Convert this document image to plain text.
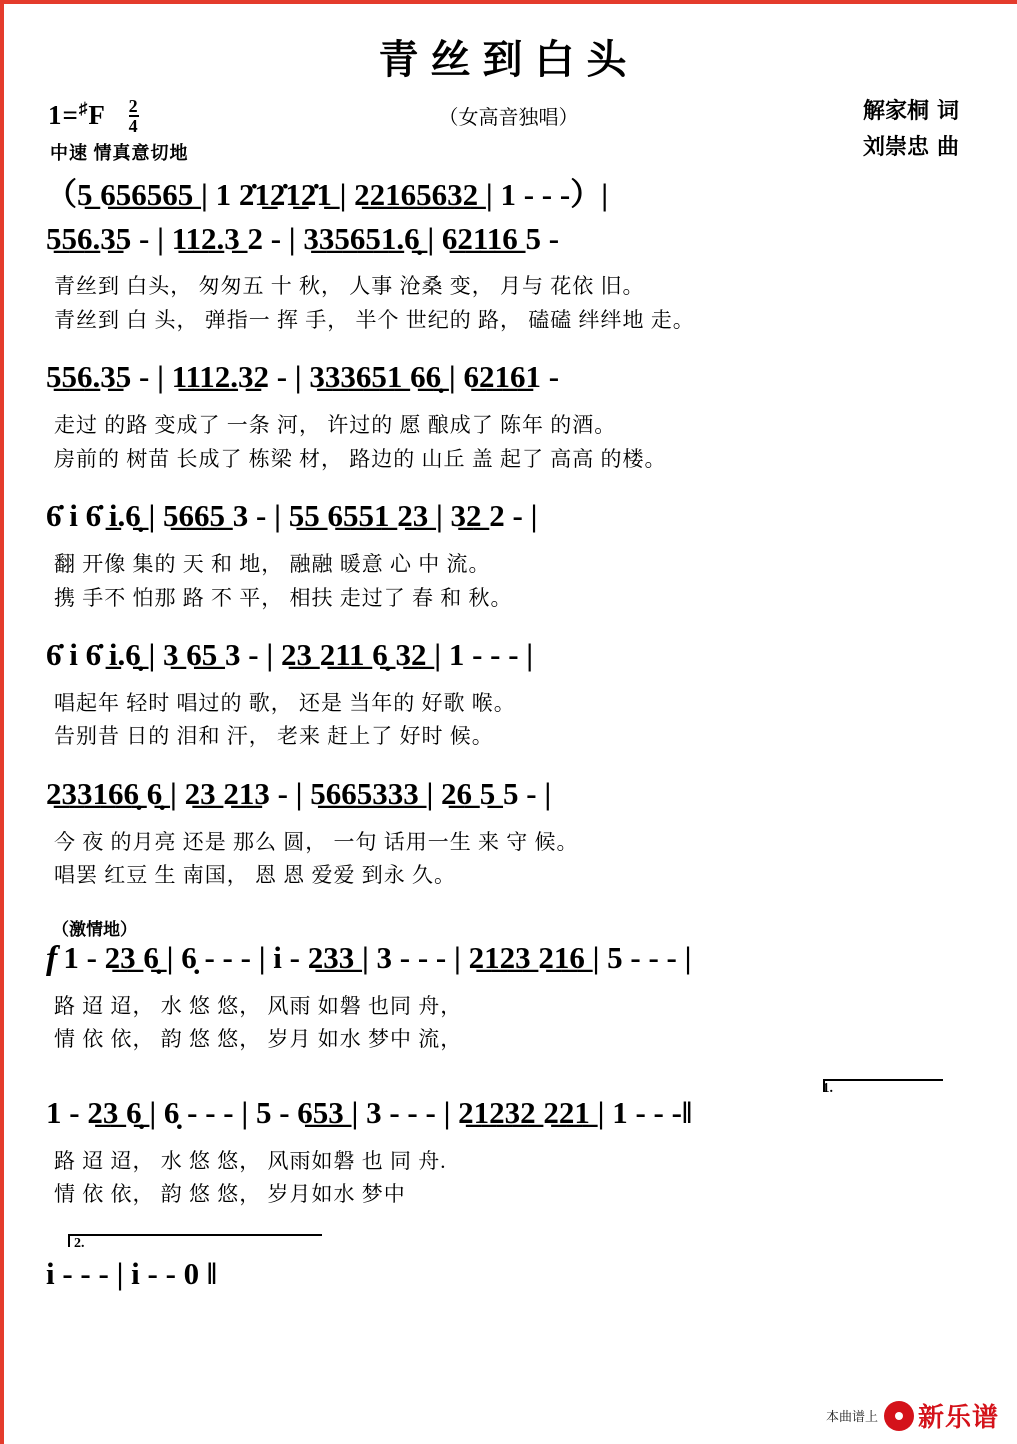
青丝到白头
$1=^♯F \frac{2}{4}$
中速 情真意切地
（女高音独唱）	解家桐 词
刘崇忠 曲
（5̲ 6̲5̲6̲5̲6̲5̲ | 1 2̇1̲2̇1̲2̇1̲ | 2̲2̲1̲6̲5̲6̲3̲2̲ | 1 - - -）|
5̲5̲6̲.3̲5 - | 1̲1̲2̲.3̲ 2 - | 3̲3̲5̲6̲5̲1̲.6̣̲ | 6̲2̲1̲1̲6̲ 5 -
青丝到 白头， 匆匆五 十 秋， 人事 沧桑 变， 月与 花依 旧。
青丝到 白 头， 弹指一 挥 手， 半个 世纪的 路， 磕磕 绊绊地 走。
5̲5̲6̲.3̲5 - | 1̲1̲1̲2̲.3̲2 - | 3̲3̲3̲6̲5̲1̲ 6̲6̣̲ | 6̲2̲1̲6̲1 -
走过 的路 变成了 一条 河， 许过的 愿 酿成了 陈年 的酒。
房前的 树苗 长成了 栋梁 材， 路边的 山丘 盖 起了 高高 的楼。
6̇ i 6̇ i̲.6̣̲ | 5̲6̲6̲5̲ 3 - | 5̲5̲ 6̲5̲5̲1̲ 2̲3̲ | 3̲2̲ 2 - |
翻 开像 集的 天 和 地， 融融 暖意 心 中 流。
携 手不 怕那 路 不 平， 相扶 走过了 春 和 秋。
6̇ i 6̇ i̲.6̣̲ | 3̲ 6̲5̲ 3 - | 2̲3̲ 2̲1̲1̲ 6̣̲ 3̲2̲ | 1 - - - |
唱起年 轻时 唱过的 歌， 还是 当年的 好歌 喉。
告别昔 日的 泪和 汗， 老来 赶上了 好时 候。
2̲3̲3̲1̲6̲6̣̲ 6̣̲ | 2̲3̲ 2̲1̲3 - | 5̲6̲6̲5̲3̲3̲3̲ | 2̲6̲ 5̲ 5 - |
今 夜 的月亮 还是 那么 圆， 一句 话用一生 来 守 候。
唱罢 红豆 生 南国， 恩 恩 爱爱 到永 久。
（激情地）
f 1 - 2̲3̲ 6̣̲ | 6̣ - - - | i - 2̲3̲3̲ | 3 - - - | 2̲1̲2̲3̲ 2̲1̲6̲ | 5 - - - |
路 迢 迢， 水 悠 悠， 风雨 如磐 也同 舟，
情 依 依， 韵 悠 悠， 岁月 如水 梦中 流，
1.
1 - 2̲3̲ 6̣̲ | 6̣ - - - | 5 - 6̲5̲3̲ | 3 - - - | 2̲1̲2̲3̲2̲ 2̲2̲1̲ | 1 - - -‖
路 迢 迢， 水 悠 悠， 风雨如磐 也 同 舟.
情 依 依， 韵 悠 悠， 岁月如水 梦中
2.
i - - - | i - - 0 ‖
本曲谱上 新乐谱
